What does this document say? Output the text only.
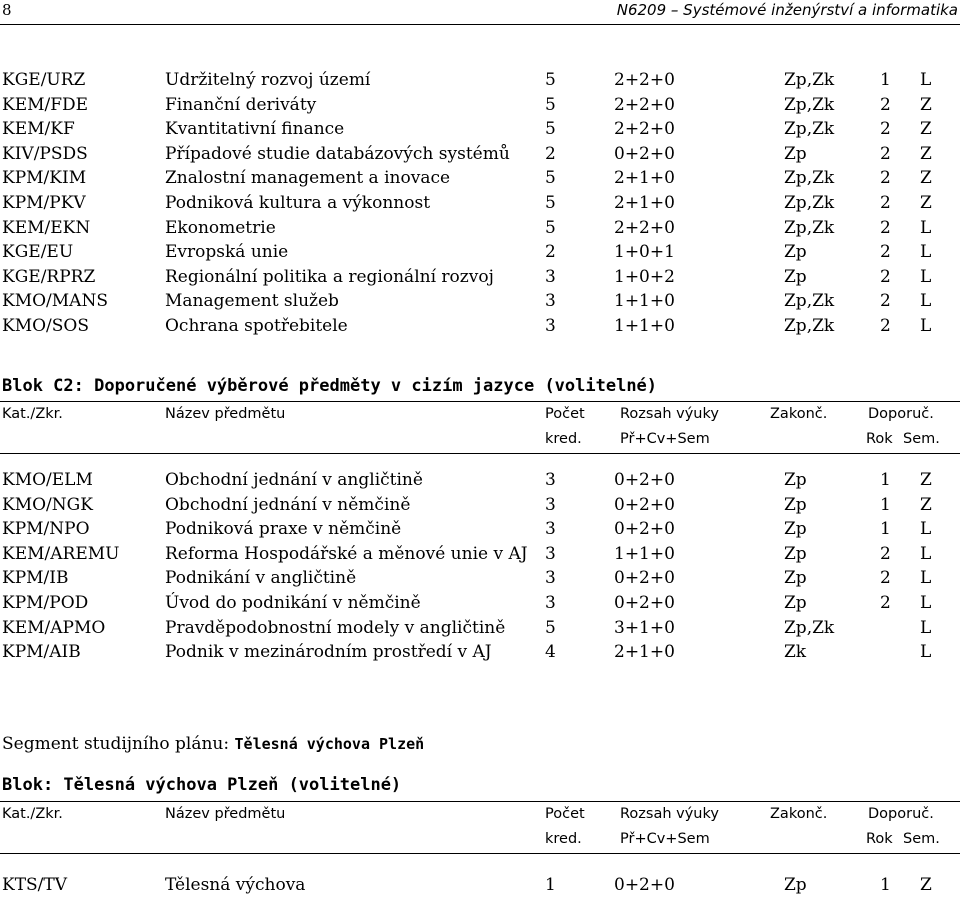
8	N6209 – Systémové inženýrství a informatika
KGE/URZ	Udržitelný rozvoj území	5	2+2+0	Zp,Zk	1 L
KEM/FDE	Finanční deriváty	5	2+2+0	Zp,Zk	2 Z
KEM/KF	Kvantitativní finance	5	2+2+0	Zp,Zk	2 Z
KIV/PSDS	Případové studie databázových systémů 2	0+2+0	Zp	2 Z
KPM/KIM	Znalostní management a inovace	5	2+1+0	Zp,Zk	2 Z
KPM/PKV	Podniková kultura a výkonnost	5	2+1+0	Zp,Zk	2 Z
KEM/EKN	Ekonometrie	5	2+2+0	Zp,Zk	2 L
KGE/EU	Evropská unie	2	1+0+1	Zp	2 L
KGE/RPRZ	Regionální politika a regionální rozvoj	3	1+0+2	Zp	2 L
KMO/MANS	Management služeb	3	1+1+0	Zp,Zk	2 L
KMO/SOS	Ochrana spotřebitele	3	1+1+0	Zp,Zk	2 L
Blok C2: Doporučené výběrové předměty v cizím jazyce (volitelné)
Kat./Zkr.	Název předmětu	Počet Rozsah výuky	Zakonč.	Doporuč.
kred.	Př+Cv+Sem	Rok Sem.
KMO/ELM	Obchodní jednání v angličtině	3	0+2+0	Zp	1 Z
KMO/NGK	Obchodní jednání v němčině	3	0+2+0	Zp	1 Z
KPM/NPO	Podniková praxe v němčině	3	0+2+0	Zp	1 L
KEM/AREMU	Reforma Hospodářské a měnové unie v AJ 3	1+1+0	Zp	2 L
KPM/IB	Podnikání v angličtině	3	0+2+0	Zp	2 L
KPM/POD	Úvod do podnikání v němčině	3	0+2+0	Zp	2 L
KEM/APMO	Pravděpodobnostní modely v angličtině 5	3+1+0	Zp,Zk	L
KPM/AIB	Podnik v mezinárodním prostředí v AJ	4	2+1+0	Zk	L
Segment studijního plánu: Tělesná výchova Plzeň
Blok: Tělesná výchova Plzeň (volitelné)
Kat./Zkr.	Název předmětu	Počet Rozsah výuky	Zakonč.	Doporuč.
kred.	Př+Cv+Sem	Rok Sem.
KTS/TV	Tělesná výchova	1	0+2+0	Zp	1 Z
